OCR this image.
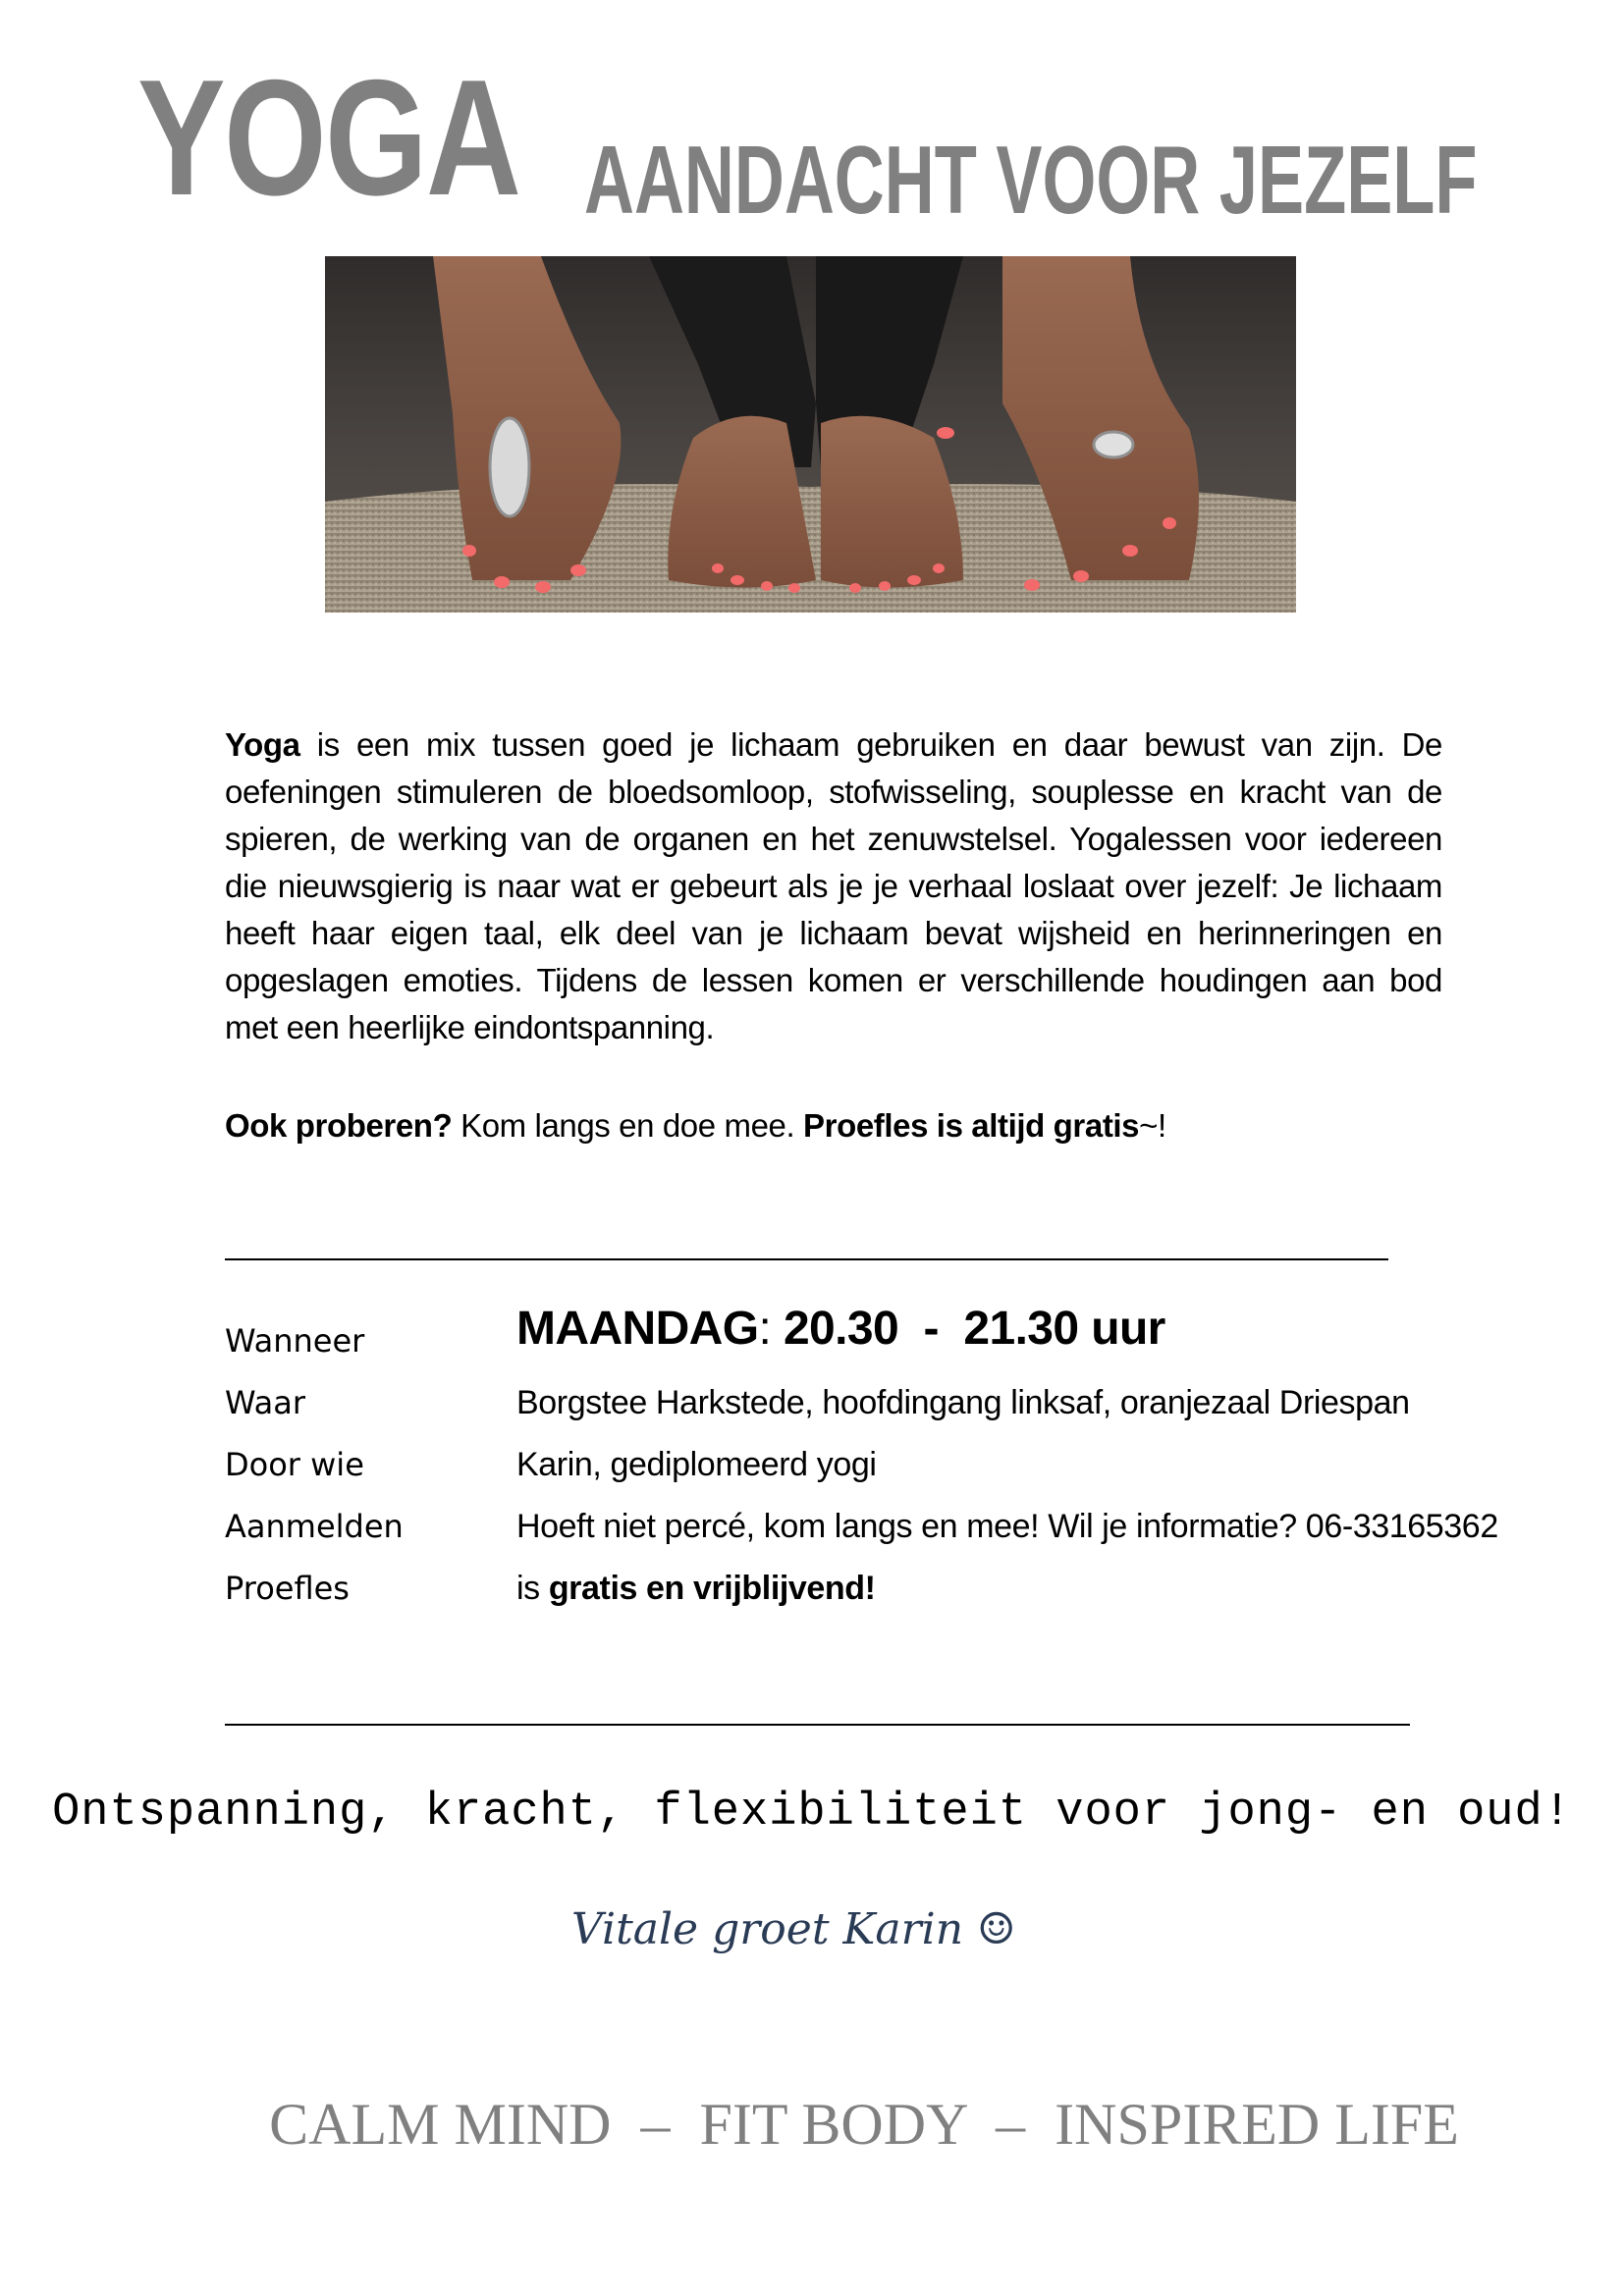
YOGA AANDACHT VOOR JEZELF
Yoga is een mix tussen goed je lichaam gebruiken en daar bewust van zijn. De oefeningen stimuleren de bloedsomloop, stofwisseling, souplesse en kracht van de spieren, de werking van de organen en het zenuwstelsel. Yogalessen voor iedereen die nieuwsgierig is naar wat er gebeurt als je je verhaal loslaat over jezelf: Je lichaam heeft haar eigen taal, elk deel van je lichaam bevat wijsheid en herinneringen en opgeslagen emoties. Tijdens de lessen komen er verschillende houdingen aan bod met een heerlijke eindontspanning.
Ook proberen? Kom langs en doe mee. Proefles is altijd gratis~!
Wanneer	MAANDAG: 20.30  -  21.30 uur
Waar	Borgstee Harkstede, hoofdingang linksaf, oranjezaal Driespan
Door wie	Karin, gediplomeerd yogi
Aanmelden	Hoeft niet percé, kom langs en mee! Wil je informatie? 06-33165362
Proefles	is gratis en vrijblijvend!
Ontspanning, kracht, flexibiliteit voor jong- en oud!
Vitale groet Karin ☺
CALM MIND  –  FIT BODY  –  INSPIRED LIFE
